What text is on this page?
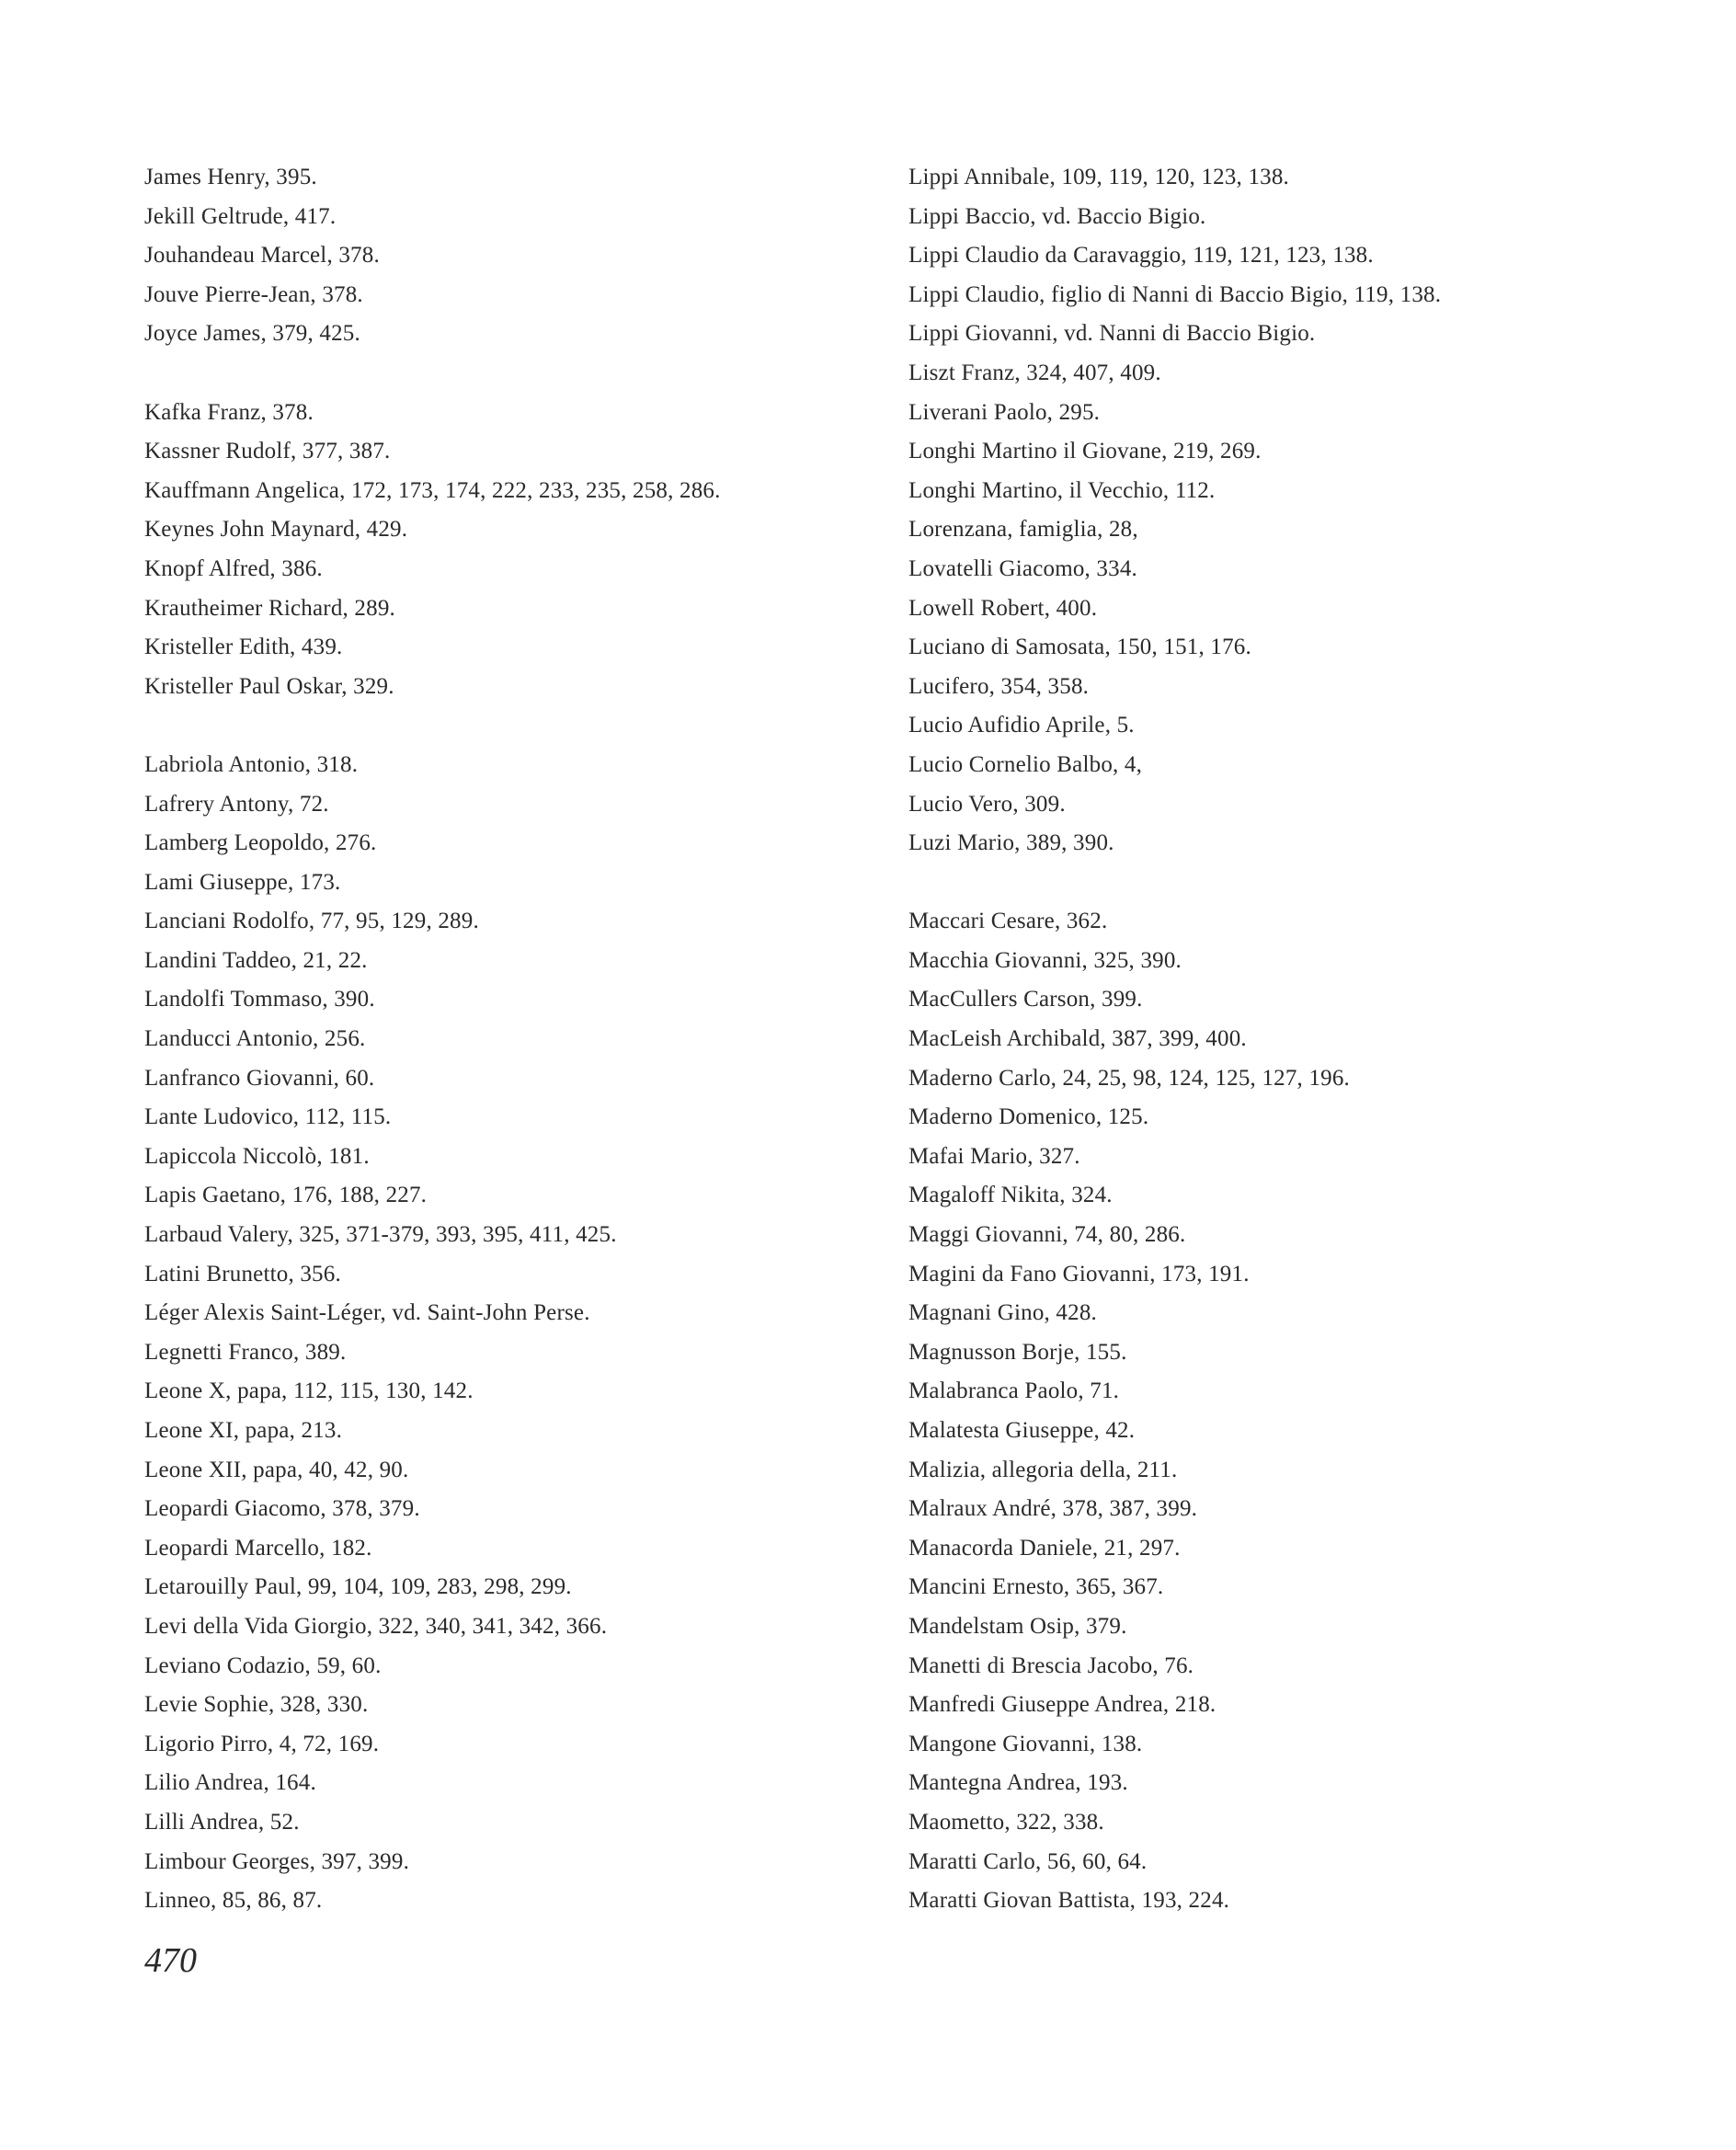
James Henry, 395.
Jekill Geltrude, 417.
Jouhandeau Marcel, 378.
Jouve Pierre-Jean, 378.
Joyce James, 379, 425.
Kafka Franz, 378.
Kassner Rudolf, 377, 387.
Kauffmann Angelica, 172, 173, 174, 222, 233, 235, 258, 286.
Keynes John Maynard, 429.
Knopf Alfred, 386.
Krautheimer Richard, 289.
Kristeller Edith, 439.
Kristeller Paul Oskar, 329.
Labriola Antonio, 318.
Lafrery Antony, 72.
Lamberg Leopoldo, 276.
Lami Giuseppe, 173.
Lanciani Rodolfo, 77, 95, 129, 289.
Landini Taddeo, 21, 22.
Landolfi Tommaso, 390.
Landucci Antonio, 256.
Lanfranco Giovanni, 60.
Lante Ludovico, 112, 115.
Lapiccola Niccolò, 181.
Lapis Gaetano, 176, 188, 227.
Larbaud Valery, 325, 371-379, 393, 395, 411, 425.
Latini Brunetto, 356.
Léger Alexis Saint-Léger, vd. Saint-John Perse.
Legnetti Franco, 389.
Leone X, papa, 112, 115, 130, 142.
Leone XI, papa, 213.
Leone XII, papa, 40, 42, 90.
Leopardi Giacomo, 378, 379.
Leopardi Marcello, 182.
Letarouilly Paul, 99, 104, 109, 283, 298, 299.
Levi della Vida Giorgio, 322, 340, 341, 342, 366.
Leviano Codazio, 59, 60.
Levie Sophie, 328, 330.
Ligorio Pirro, 4, 72, 169.
Lilio Andrea, 164.
Lilli Andrea, 52.
Limbour Georges, 397, 399.
Linneo, 85, 86, 87.
Lippi Annibale, 109, 119, 120, 123, 138.
Lippi Baccio, vd. Baccio Bigio.
Lippi Claudio da Caravaggio, 119, 121, 123, 138.
Lippi Claudio, figlio di Nanni di Baccio Bigio, 119, 138.
Lippi Giovanni, vd. Nanni di Baccio Bigio.
Liszt Franz, 324, 407, 409.
Liverani Paolo, 295.
Longhi Martino il Giovane, 219, 269.
Longhi Martino, il Vecchio, 112.
Lorenzana, famiglia, 28,
Lovatelli Giacomo, 334.
Lowell Robert, 400.
Luciano di Samosata, 150, 151, 176.
Lucifero, 354, 358.
Lucio Aufidio Aprile, 5.
Lucio Cornelio Balbo, 4,
Lucio Vero, 309.
Luzi Mario, 389, 390.
Maccari Cesare, 362.
Macchia Giovanni, 325, 390.
MacCullers Carson, 399.
MacLeish Archibald, 387, 399, 400.
Maderno Carlo, 24, 25, 98, 124, 125, 127, 196.
Maderno Domenico, 125.
Mafai Mario, 327.
Magaloff Nikita, 324.
Maggi Giovanni, 74, 80, 286.
Magini da Fano Giovanni, 173, 191.
Magnani Gino, 428.
Magnusson Borje, 155.
Malabranca Paolo, 71.
Malatesta Giuseppe, 42.
Malizia, allegoria della, 211.
Malraux André, 378, 387, 399.
Manacorda Daniele, 21, 297.
Mancini Ernesto, 365, 367.
Mandelstam Osip, 379.
Manetti di Brescia Jacobo, 76.
Manfredi Giuseppe Andrea, 218.
Mangone Giovanni, 138.
Mantegna Andrea, 193.
Maometto, 322, 338.
Maratti Carlo, 56, 60, 64.
Maratti Giovan Battista, 193, 224.
470
